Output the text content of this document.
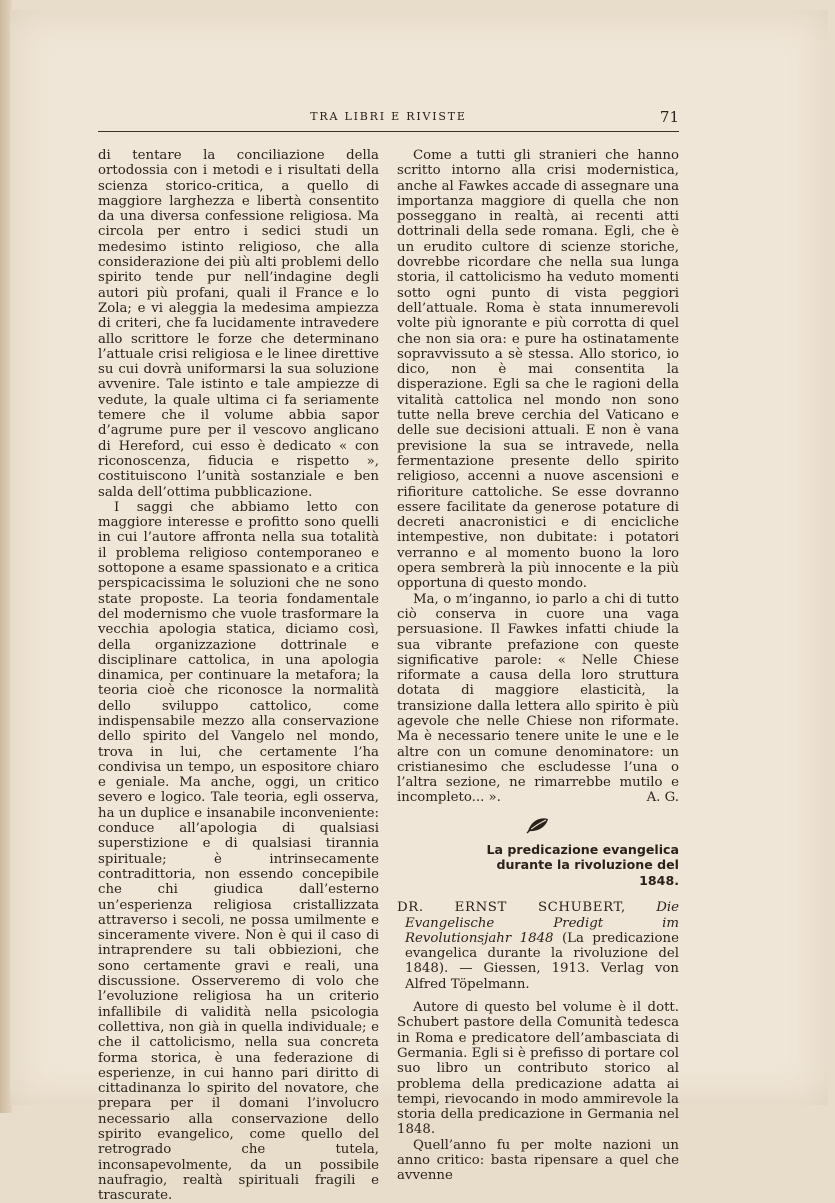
TRA LIBRI E RIVISTE	71

di tentare la conciliazione della ortodossia con i metodi e i risultati della scienza storico-critica, a quello di maggiore larghezza e libertà consentito da una diversa confessione religiosa. Ma circola per entro i sedici studi un medesimo istinto religioso, che alla considerazione dei più alti problemi dello spirito tende pur nell’indagine degli autori più profani, quali il France e lo Zola; e vi aleggia la medesima ampiezza di criteri, che fa lucidamente intravedere allo scrittore le forze che determinano l’attuale crisi religiosa e le linee direttive su cui dovrà uniformarsi la sua soluzione avvenire. Tale istinto e tale ampiezze di vedute, la quale ultima ci fa seriamente temere che il volume abbia sapor d’agrume pure per il vescovo anglicano di Hereford, cui esso è dedicato « con riconoscenza, fiducia e rispetto », costituiscono l’unità sostanziale e ben salda dell’ottima pubblicazione.

I saggi che abbiamo letto con maggiore interesse e profitto sono quelli in cui l’autore affronta nella sua totalità il problema religioso contemporaneo e sottopone a esame spassionato e a critica perspicacissima le soluzioni che ne sono state proposte. La teoria fondamentale del modernismo che vuole trasformare la vecchia apologia statica, diciamo così, della organizzazione dottrinale e disciplinare cattolica, in una apologia dinamica, per continuare la metafora; la teoria cioè che riconosce la normalità dello sviluppo cattolico, come indispensabile mezzo alla conservazione dello spirito del Vangelo nel mondo, trova in lui, che certamente l’ha condivisa un tempo, un espositore chiaro e geniale. Ma anche, oggi, un critico severo e logico. Tale teoria, egli osserva, ha un duplice e insanabile inconveniente: conduce all’apologia di qualsiasi superstizione e di qualsiasi tirannia spirituale; è intrinsecamente contradittoria, non essendo concepibile che chi giudica dall’esterno un’esperienza religiosa cristallizzata attraverso i secoli, ne possa umilmente e sinceramente vivere. Non è qui il caso di intraprendere su tali obbiezioni, che sono certamente gravi e reali, una discussione. Osserveremo di volo che l’evoluzione religiosa ha un criterio infallibile di validità nella psicologia collettiva, non già in quella individuale; e che il cattolicismo, nella sua concreta forma storica, è una federazione di esperienze, in cui hanno pari diritto di cittadinanza lo spirito del novatore, che prepara per il domani l’involucro necessario alla conservazione dello spirito evangelico, come quello del retrogrado che tutela, inconsapevolmente, da un possibile naufragio, realtà spirituali fragili e trascurate.

Come a tutti gli stranieri che hanno scritto intorno alla crisi modernistica, anche al Fawkes accade di assegnare una importanza maggiore di quella che non posseggano in realtà, ai recenti atti dottrinali della sede romana. Egli, che è un erudito cultore di scienze storiche, dovrebbe ricordare che nella sua lunga storia, il cattolicismo ha veduto momenti sotto ogni punto di vista peggiori dell’attuale. Roma è stata innumerevoli volte più ignorante e più corrotta di quel che non sia ora: e pure ha ostinatamente sopravvissuto a sè stessa. Allo storico, io dico, non è mai consentita la disperazione. Egli sa che le ragioni della vitalità cattolica nel mondo non sono tutte nella breve cerchia del Vaticano e delle sue decisioni attuali. E non è vana previsione la sua se intravede, nella fermentazione presente dello spirito religioso, accenni a nuove ascensioni e rifioriture cattoliche. Se esse dovranno essere facilitate da generose potature di decreti anacronistici e di encicliche intempestive, non dubitate: i potatori verranno e al momento buono la loro opera sembrerà la più innocente e la più opportuna di questo mondo.

Ma, o m’inganno, io parlo a chi di tutto ciò conserva in cuore una vaga persuasione. Il Fawkes infatti chiude la sua vibrante prefazione con queste significative parole: « Nelle Chiese riformate a causa della loro struttura dotata di maggiore elasticità, la transizione dalla lettera allo spirito è più agevole che nelle Chiese non riformate. Ma è necessario tenere unite le une e le altre con un comune denominatore: un cristianesimo che escludesse l’una o l’altra sezione, ne rimarrebbe mutilo e incompleto... ».	A. G.

La predicazione evangelica durante la rivoluzione del 1848.

DR. ERNST SCHUBERT, Die Evangelische Predigt im Revolutionsjahr 1848 (La predicazione evangelica durante la rivoluzione del 1848). — Giessen, 1913. Verlag von Alfred Töpelmann.

Autore di questo bel volume è il dott. Schubert pastore della Comunità tedesca in Roma e predicatore dell’ambasciata di Germania. Egli si è prefisso di portare col suo libro un contributo storico al problema della predicazione adatta ai tempi, rievocando in modo ammirevole la storia della predicazione in Germania nel 1848.

Quell’anno fu per molte nazioni un anno critico: basta ripensare a quel che avvenne
